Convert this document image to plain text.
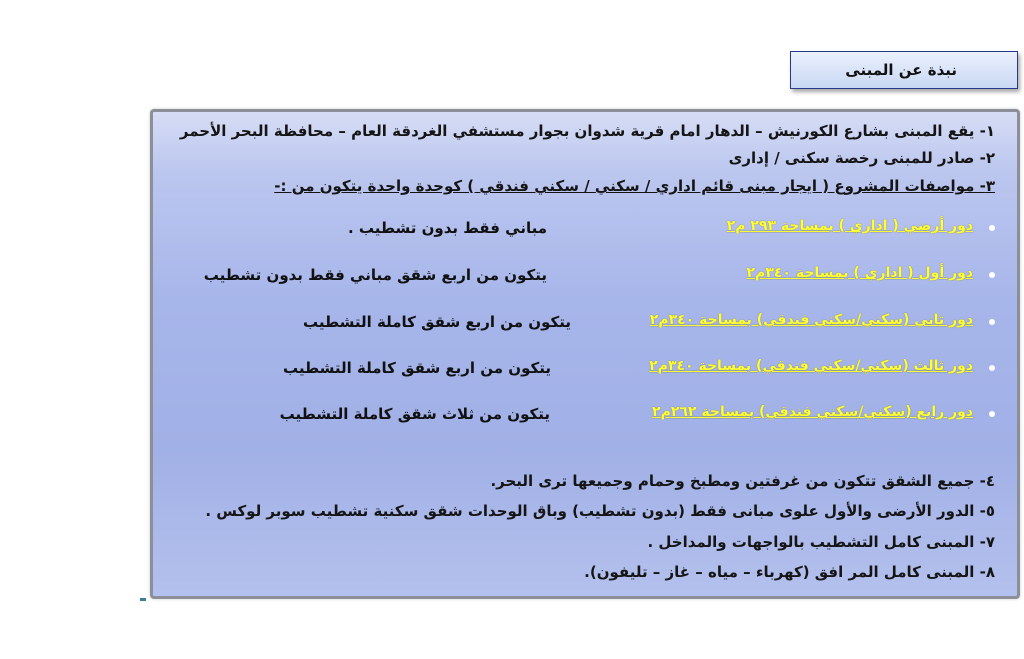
نبذة عن المبنى
١- يقع المبنى بشارع الكورنيش – الدهار امام قرية شدوان بجوار مستشفي الغردقة العام – محافظة البحر الأحمر
٢- صادر للمبنى رخصة سكنى / إدارى
٣- مواصفات المشروع ( ايجار مبنى قائم اداري / سكني / سكني فندقي ) كوحدة واحدة يتكون من :-
دور أرضي ( اداري ) بمساحة ٢٩٣ م٢
مباني فقط بدون تشطيب .
دور أول ( اداري ) بمساحة ٣٤٠م٢
يتكون من اربع شقق مباني فقط بدون تشطيب
دور ثاني (سكني/سكني فندقي) بمساحة ٣٤٠م٢
يتكون من اربع شقق كاملة التشطيب
دور ثالث (سكني/سكني فندقي) بمساحة ٣٤٠م٢
يتكون من اربع شقق كاملة التشطيب
دور رابع (سكني/سكني فندقي) بمساحة ٢٦٢م٢
يتكون من ثلاث شقق كاملة التشطيب
٤- جميع الشقق تتكون من غرفتين ومطبخ وحمام وجميعها ترى البحر.
٥- الدور الأرضى والأول علوى مبانى فقط (بدون تشطيب) وباق الوحدات شقق سكنية تشطيب سوبر لوكس .
٧- المبنى كامل التشطيب بالواجهات والمداخل .
٨- المبنى كامل المر افق (كهرباء – مياه – غاز – تليفون).
